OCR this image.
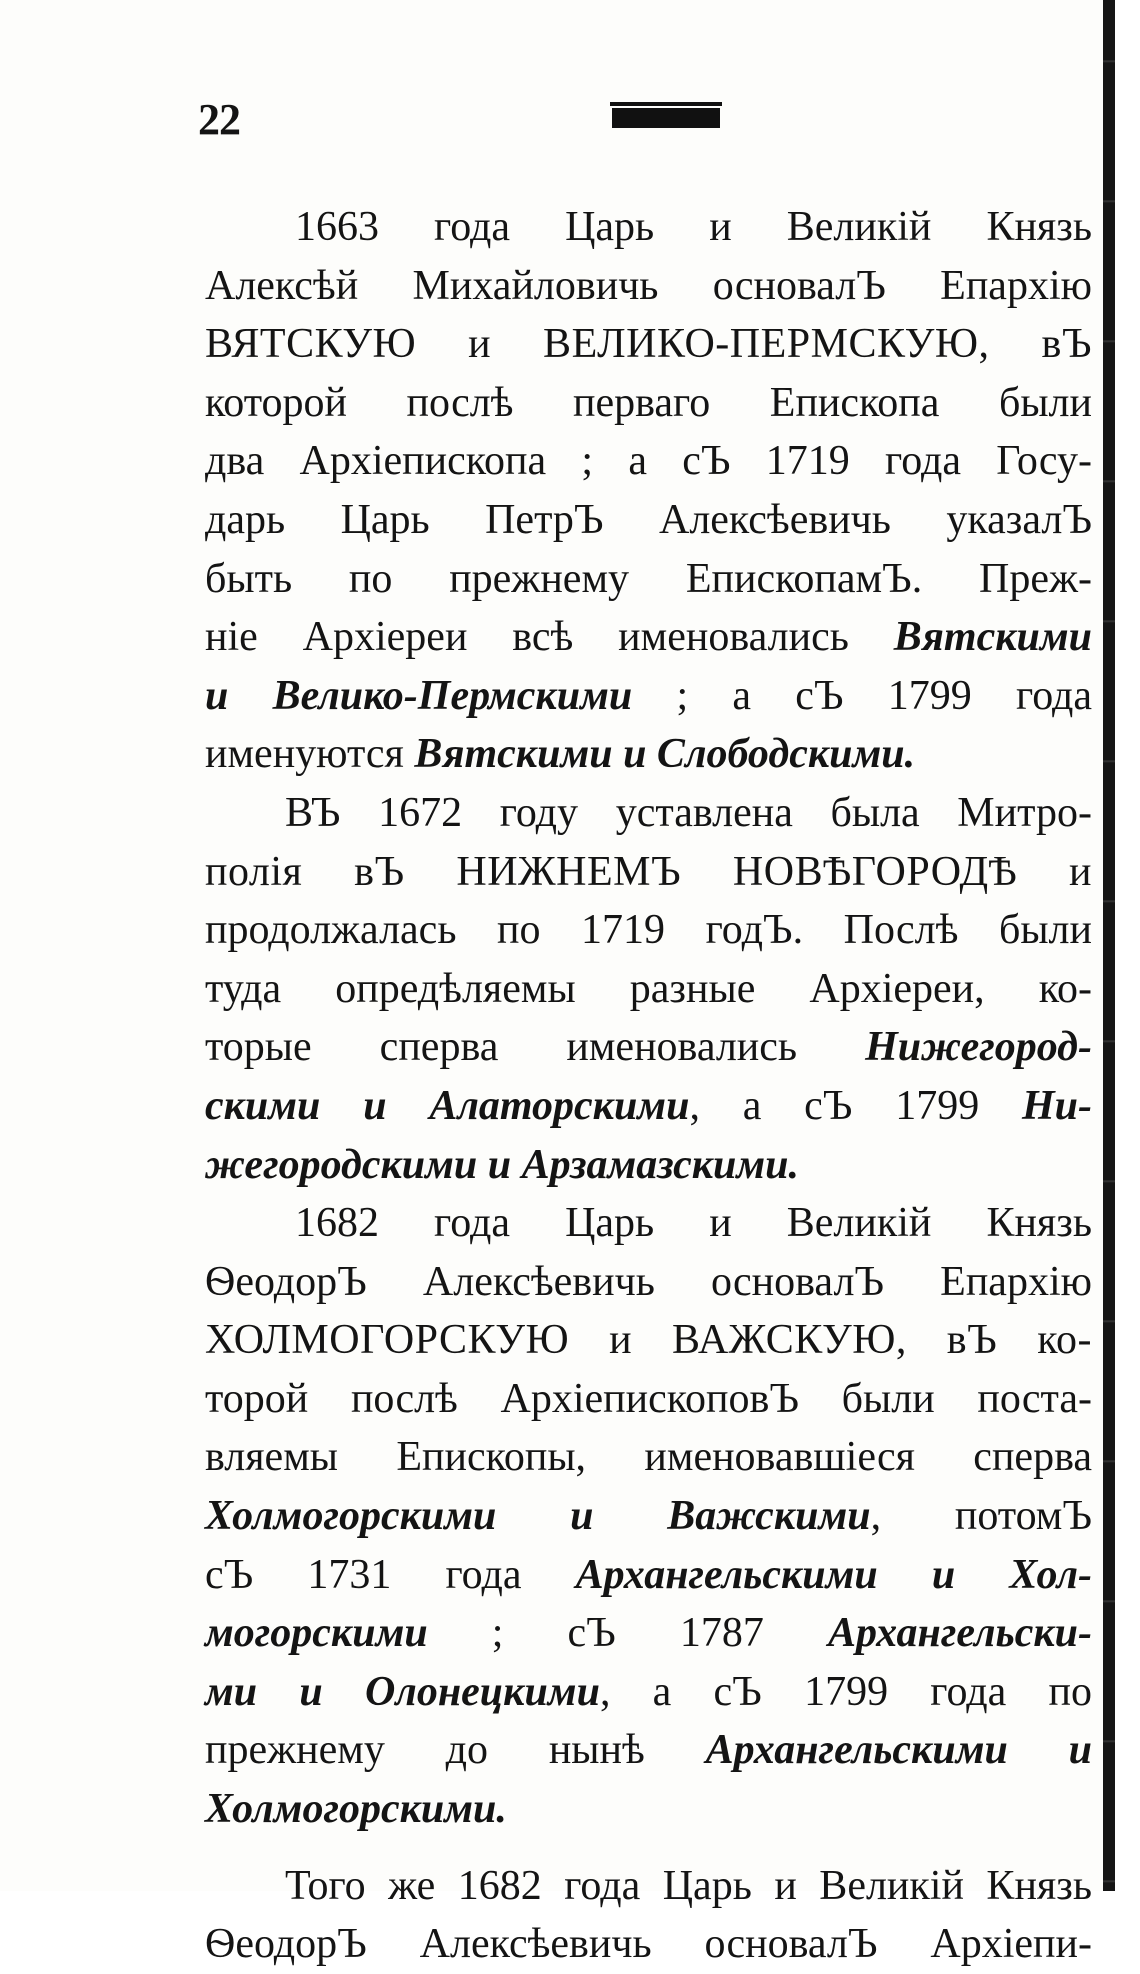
22
1663 года Царь и Великій Князь
Алексѣй Михайловичь основалЪ Епархію
ВЯТСКУЮ и ВЕЛИКО-ПЕРМСКУЮ, вЪ
которой послѣ перваго Епископа были
два Архіепископа ; а сЪ 1719 года Госу-
дарь Царь ПетрЪ Алексѣевичь указалЪ
быть по прежнему ЕпископамЪ. Преж-
ніе Архіереи всѣ именовались Вятскими
и Велико-Пермскими ; а сЪ 1799 года
именуются Вятскими и Слободскими.
ВЪ 1672 году уставлена была Митро-
полія вЪ НИЖНЕМЪ НОВѢГОРОДѢ и
продолжалась по 1719 годЪ. Послѣ были
туда опредѣляемы разные Архіереи, ко-
торые сперва именовались Нижегород-
скими и Алаторскими, а сЪ 1799 Ни-
жегородскими и Арзамазскими.
1682 года Царь и Великій Князь
ѲеодорЪ Алексѣевичь основалЪ Епархію
ХОЛМОГОРСКУЮ и ВАЖСКУЮ, вЪ ко-
торой послѣ АрхіепископовЪ были поста-
вляемы Епископы, именовавшіеся сперва
Холмогорскими и Важскими, потомЪ
сЪ 1731 года Архангельскими и Хол-
могорскими ; сЪ 1787 Архангельски-
ми и Олонецкими, а сЪ 1799 года по
прежнему до нынѣ Архангельскими и
Холмогорскими.
Того же 1682 года Царь и Великій Князь
ѲеодорЪ Алексѣевичь основалЪ Архіепи-
